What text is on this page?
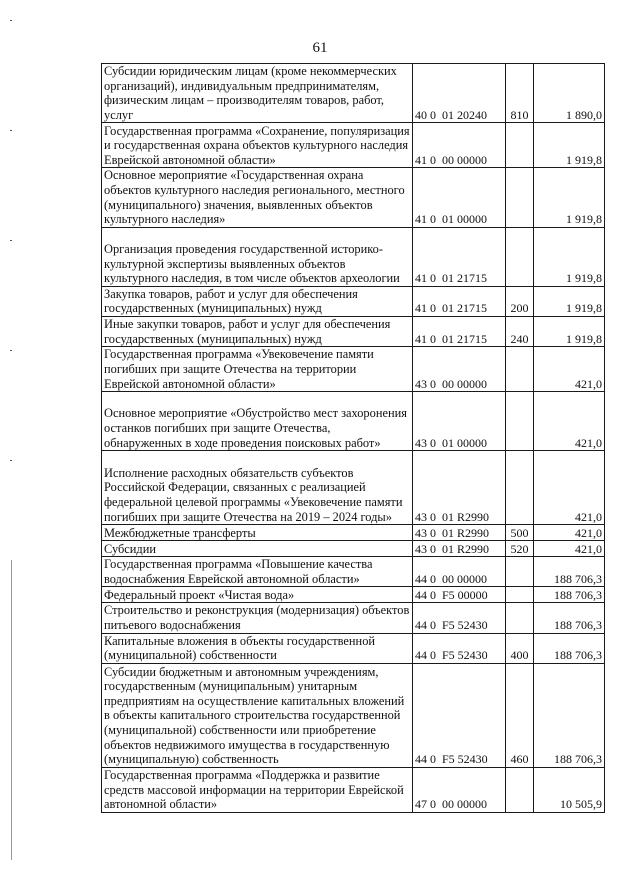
61
Субсидии юридическим лицам (кроме некоммерческих организаций), индивидуальным предпринимателям, физическим лицам – производителям товаров, работ, услуг	40 0  01 20240	810	1 890,0
Государственная программа «Сохранение, популяризация и государственная охрана объектов культурного наследия Еврейской автономной области»	41 0  00 00000		1 919,8
Основное мероприятие «Государственная охрана объектов культурного наследия регионального, местного (муниципального) значения, выявленных объектов культурного наследия»	41 0  01 00000		1 919,8
Организация проведения государственной историко-культурной экспертизы выявленных объектов культурного наследия, в том числе объектов археологии	41 0  01 21715		1 919,8
Закупка товаров, работ и услуг для обеспечения государственных (муниципальных) нужд	41 0  01 21715	200	1 919,8
Иные закупки товаров, работ и услуг для обеспечения государственных (муниципальных) нужд	41 0  01 21715	240	1 919,8
Государственная программа «Увековечение памяти погибших при защите Отечества на территории Еврейской автономной области»	43 0  00 00000		421,0
Основное мероприятие «Обустройство мест захоронения останков погибших при защите Отечества, обнаруженных в ходе проведения поисковых работ»	43 0  01 00000		421,0
Исполнение расходных обязательств субъектов Российской Федерации, связанных с реализацией федеральной целевой программы «Увековечение памяти погибших при защите Отечества на 2019 – 2024 годы»	43 0  01 R2990		421,0
Межбюджетные трансферты	43 0  01 R2990	500	421,0
Субсидии	43 0  01 R2990	520	421,0
Государственная программа «Повышение качества водоснабжения Еврейской автономной области»	44 0  00 00000		188 706,3
Федеральный проект «Чистая вода»	44 0  F5 00000		188 706,3
Строительство и реконструкция (модернизация) объектов питьевого водоснабжения	44 0  F5 52430		188 706,3
Капитальные вложения в объекты государственной (муниципальной) собственности	44 0  F5 52430	400	188 706,3
Субсидии бюджетным и автономным учреждениям, государственным (муниципальным) унитарным предприятиям на осуществление капитальных вложений в объекты капитального строительства государственной (муниципальной) собственности или приобретение объектов недвижимого имущества в государственную (муниципальную) собственность	44 0  F5 52430	460	188 706,3
Государственная программа «Поддержка и развитие средств массовой информации на территории Еврейской автономной области»	47 0  00 00000		10 505,9
